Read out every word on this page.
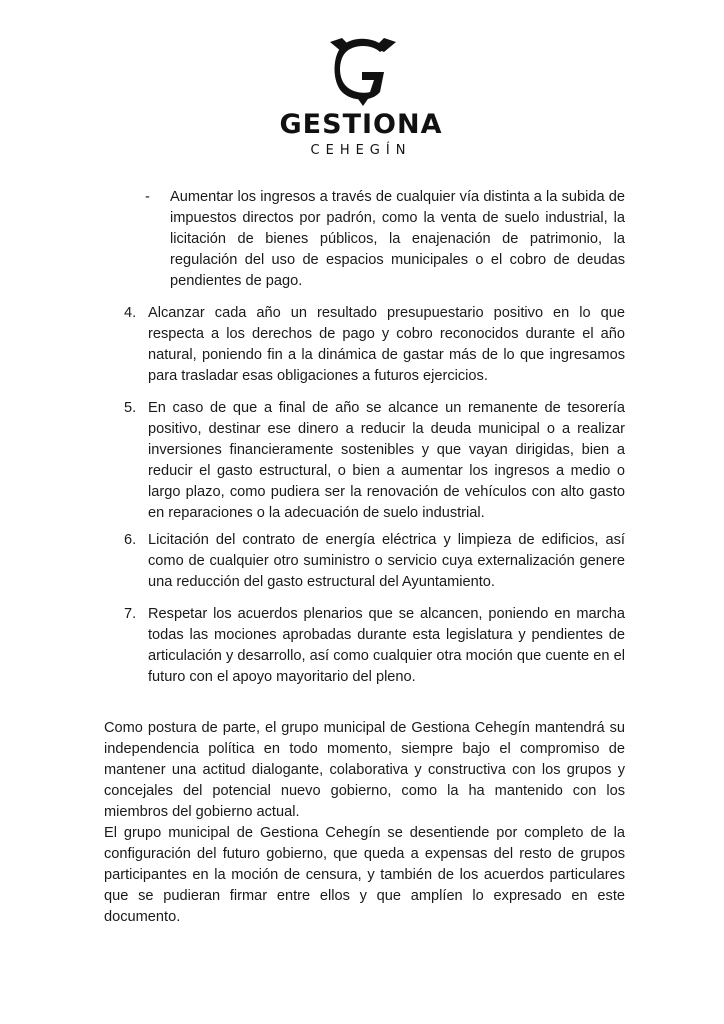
GESTIONA
CEHEGÍN
-	Aumentar los ingresos a través de cualquier vía distinta a la subida de impuestos directos por padrón, como la venta de suelo industrial, la licitación de bienes públicos, la enajenación de patrimonio, la regulación del uso de espacios municipales o el cobro de deudas pendientes de pago.
4. Alcanzar cada año un resultado presupuestario positivo en lo que respecta a los derechos de pago y cobro reconocidos durante el año natural, poniendo fin a la dinámica de gastar más de lo que ingresamos para trasladar esas obligaciones a futuros ejercicios.
5. En caso de que a final de año se alcance un remanente de tesorería positivo, destinar ese dinero a reducir la deuda municipal o a realizar inversiones financieramente sostenibles y que vayan dirigidas, bien a reducir el gasto estructural, o bien a aumentar los ingresos a medio o largo plazo, como pudiera ser la renovación de vehículos con alto gasto en reparaciones o la adecuación de suelo industrial.
6. Licitación del contrato de energía eléctrica y limpieza de edificios, así como de cualquier otro suministro o servicio cuya externalización genere una reducción del gasto estructural del Ayuntamiento.
7. Respetar los acuerdos plenarios que se alcancen, poniendo en marcha todas las mociones aprobadas durante esta legislatura y pendientes de articulación y desarrollo, así como cualquier otra moción que cuente en el futuro con el apoyo mayoritario del pleno.
Como postura de parte, el grupo municipal de Gestiona Cehegín mantendrá su independencia política en todo momento, siempre bajo el compromiso de mantener una actitud dialogante, colaborativa y constructiva con los grupos y concejales del potencial nuevo gobierno, como la ha mantenido con los miembros del gobierno actual.
El grupo municipal de Gestiona Cehegín se desentiende por completo de la configuración del futuro gobierno, que queda a expensas del resto de grupos participantes en la moción de censura, y también de los acuerdos particulares que se pudieran firmar entre ellos y que amplíen lo expresado en este documento.
